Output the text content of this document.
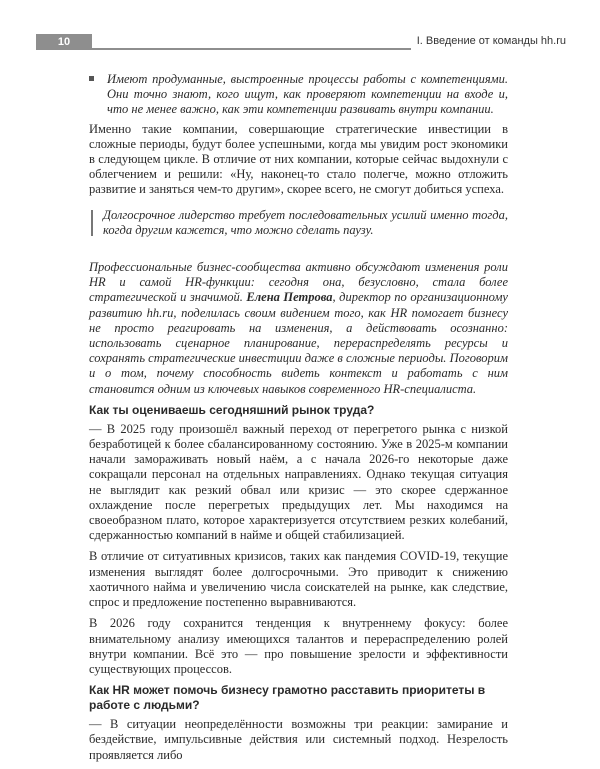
10	I. Введение от команды hh.ru
Имеют продуманные, выстроенные процессы работы с компетенциями. Они точно знают, кого ищут, как проверяют компетенции на входе и, что не менее важно, как эти компетенции развивать внутри компании.

Именно такие компании, совершающие стратегические инвестиции в сложные периоды, будут более успешными, когда мы увидим рост экономики в следующем цикле. В отличие от них компании, которые сейчас выдохнули с облегчением и решили: «Ну, наконец-то стало полегче, можно отложить развитие и заняться чем-то другим», скорее всего, не смогут добиться успеха.

Долгосрочное лидерство требует последовательных усилий именно тогда, когда другим кажется, что можно сделать паузу.

Профессиональные бизнес-сообщества активно обсуждают изменения роли HR и самой HR-функции: сегодня она, безусловно, стала более стратегической и значимой. Елена Петрова, директор по организационному развитию hh.ru, поделилась своим видением того, как HR помогает бизнесу не просто реагировать на изменения, а действовать осознанно: использовать сценарное планирование, перераспределять ресурсы и сохранять стратегические инвестиции даже в сложные периоды. Поговорим и о том, почему способность видеть контекст и работать с ним становится одним из ключевых навыков современного HR-специалиста.

Как ты оцениваешь сегодняшний рынок труда?

— В 2025 году произошёл важный переход от перегретого рынка с низкой безработицей к более сбалансированному состоянию. Уже в 2025-м компании начали замораживать новый наём, а с начала 2026-го некоторые даже сокращали персонал на отдельных направлениях. Однако текущая ситуация не выглядит как резкий обвал или кризис — это скорее сдержанное охлаждение после перегретых предыдущих лет. Мы находимся на своеобразном плато, которое характеризуется отсутствием резких колебаний, сдержанностью компаний в найме и общей стабилизацией.

В отличие от ситуативных кризисов, таких как пандемия COVID-19, текущие изменения выглядят более долгосрочными. Это приводит к снижению хаотичного найма и увеличению числа соискателей на рынке, как следствие, спрос и предложение постепенно выравниваются.

В 2026 году сохранится тенденция к внутреннему фокусу: более внимательному анализу имеющихся талантов и перераспределению ролей внутри компании. Всё это — про повышение зрелости и эффективности существующих процессов.

Как HR может помочь бизнесу грамотно расставить приоритеты в работе с людьми?

— В ситуации неопределённости возможны три реакции: замирание и бездействие, импульсивные действия или системный подход. Незрелость проявляется либо
